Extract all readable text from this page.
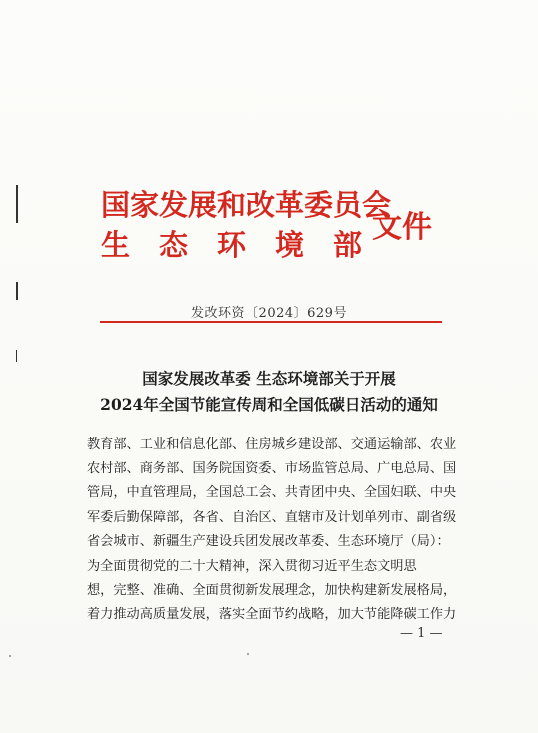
国家发展和改革委员会
生态环境部
文件
发改环资〔2024〕629号
国家发展改革委 生态环境部关于开展
2024年全国节能宣传周和全国低碳日活动的通知
教育部、工业和信息化部、住房城乡建设部、交通运输部、农业
农村部、商务部、国务院国资委、市场监管总局、广电总局、国
管局，中直管理局，全国总工会、共青团中央、全国妇联、中央
军委后勤保障部，各省、自治区、直辖市及计划单列市、副省级
省会城市、新疆生产建设兵团发展改革委、生态环境厅（局）：
为全面贯彻党的二十大精神，深入贯彻习近平生态文明思
想，完整、准确、全面贯彻新发展理念，加快构建新发展格局，
着力推动高质量发展，落实全面节约战略，加大节能降碳工作力
— 1 —
